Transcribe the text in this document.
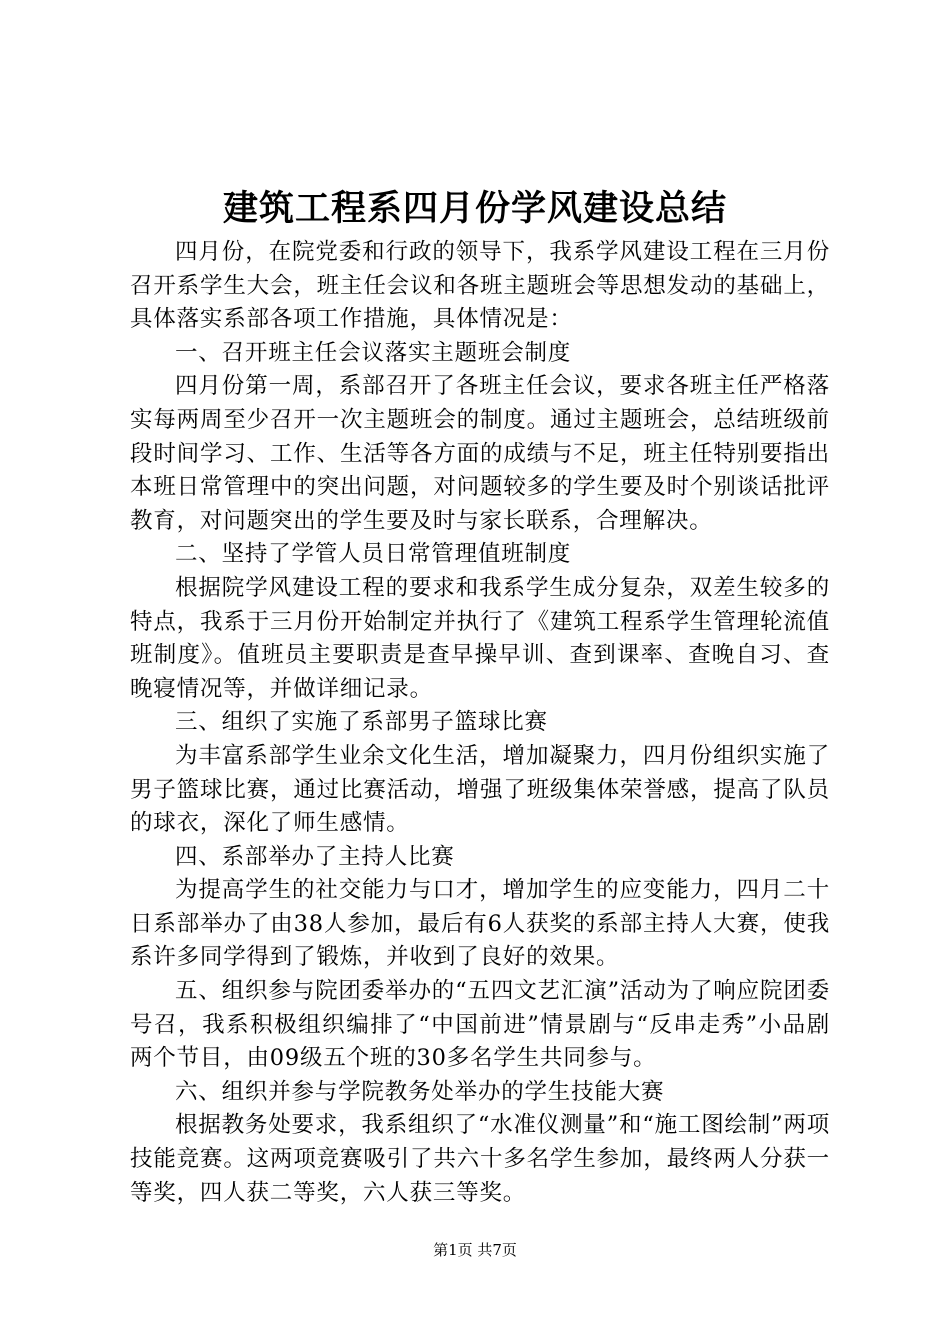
建筑工程系四月份学风建设总结

四月份，在院党委和行政的领导下，我系学风建设工程在三月份召开系学生大会，班主任会议和各班主题班会等思想发动的基础上，具体落实系部各项工作措施，具体情况是：

一、召开班主任会议落实主题班会制度

四月份第一周，系部召开了各班主任会议，要求各班主任严格落实每两周至少召开一次主题班会的制度。通过主题班会，总结班级前段时间学习、工作、生活等各方面的成绩与不足，班主任特别要指出本班日常管理中的突出问题，对问题较多的学生要及时个别谈话批评教育，对问题突出的学生要及时与家长联系，合理解决。

二、坚持了学管人员日常管理值班制度

根据院学风建设工程的要求和我系学生成分复杂，双差生较多的特点，我系于三月份开始制定并执行了《建筑工程系学生管理轮流值班制度》。值班员主要职责是查早操早训、查到课率、查晚自习、查晚寝情况等，并做详细记录。

三、组织了实施了系部男子篮球比赛

为丰富系部学生业余文化生活，增加凝聚力，四月份组织实施了男子篮球比赛，通过比赛活动，增强了班级集体荣誉感，提高了队员的球衣，深化了师生感情。

四、系部举办了主持人比赛

为提高学生的社交能力与口才，增加学生的应变能力，四月二十日系部举办了由38人参加，最后有6人获奖的系部主持人大赛，使我系许多同学得到了锻炼，并收到了良好的效果。

五、组织参与院团委举办的“五四文艺汇演”活动为了响应院团委号召，我系积极组织编排了“中国前进”情景剧与“反串走秀”小品剧两个节目，由09级五个班的30多名学生共同参与。

六、组织并参与学院教务处举办的学生技能大赛

根据教务处要求，我系组织了“水准仪测量”和“施工图绘制”两项技能竞赛。这两项竞赛吸引了共六十多名学生参加，最终两人分获一等奖，四人获二等奖，六人获三等奖。

第1页 共7页
